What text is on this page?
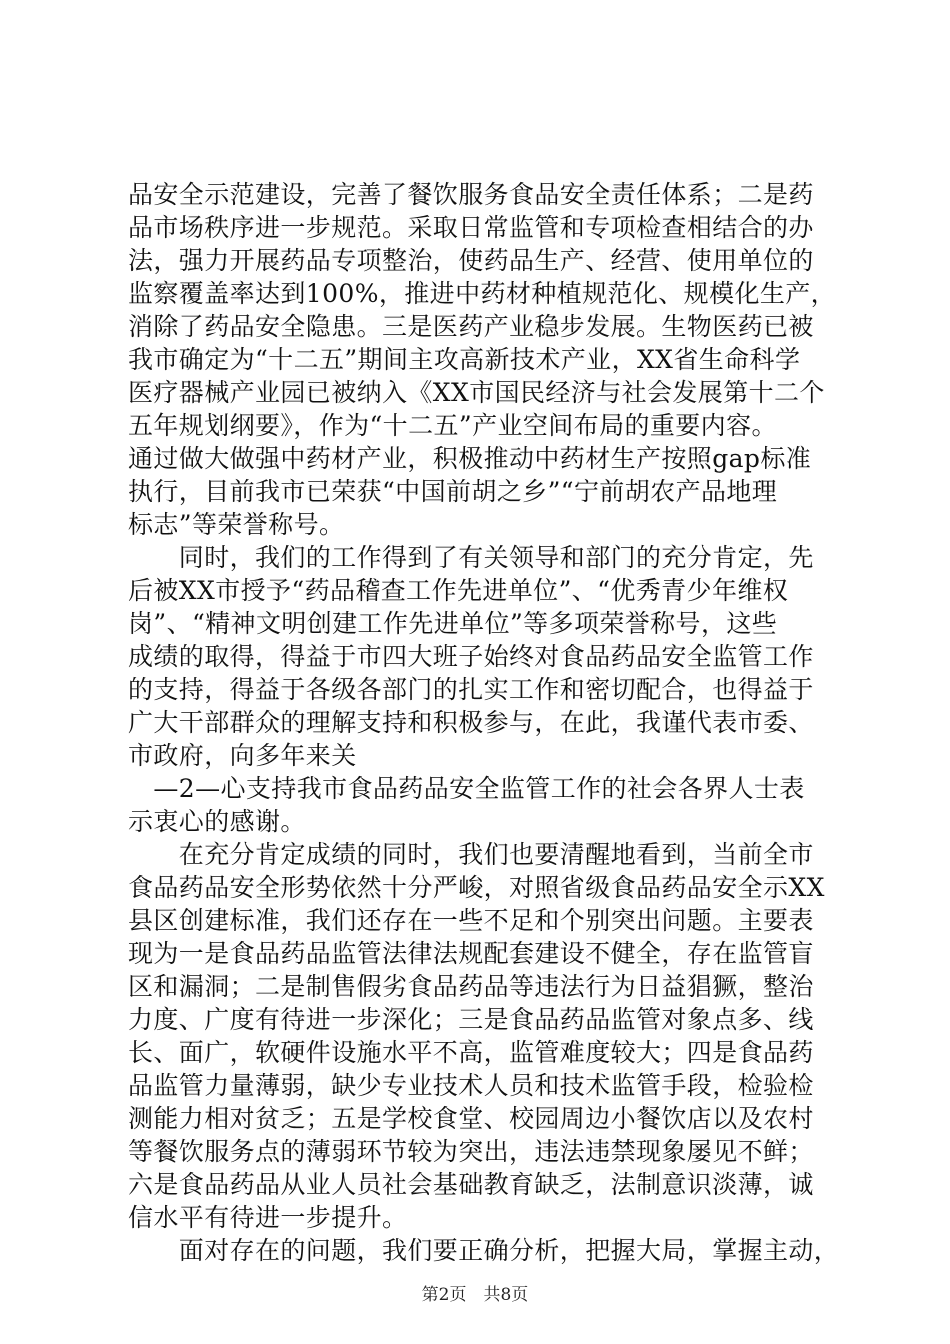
品安全示范建设，完善了餐饮服务食品安全责任体系；二是药
品市场秩序进一步规范。采取日常监管和专项检查相结合的办
法，强力开展药品专项整治，使药品生产、经营、使用单位的
监察覆盖率达到100%，推进中药材种植规范化、规模化生产，
消除了药品安全隐患。三是医药产业稳步发展。生物医药已被
我市确定为“十二五”期间主攻高新技术产业，XX省生命科学
医疗器械产业园已被纳入《XX市国民经济与社会发展第十二个
五年规划纲要》，作为“十二五”产业空间布局的重要内容。
通过做大做强中药材产业，积极推动中药材生产按照gap标准
执行，目前我市已荣获“中国前胡之乡”“宁前胡农产品地理
标志”等荣誉称号。
　　同时，我们的工作得到了有关领导和部门的充分肯定，先
后被XX市授予“药品稽查工作先进单位”、“优秀青少年维权
岗”、“精神文明创建工作先进单位”等多项荣誉称号，这些
成绩的取得，得益于市四大班子始终对食品药品安全监管工作
的支持，得益于各级各部门的扎实工作和密切配合，也得益于
广大干部群众的理解支持和积极参与，在此，我谨代表市委、
市政府，向多年来关
　—2—心支持我市食品药品安全监管工作的社会各界人士表
示衷心的感谢。
　　在充分肯定成绩的同时，我们也要清醒地看到，当前全市
食品药品安全形势依然十分严峻，对照省级食品药品安全示XX
县区创建标准，我们还存在一些不足和个别突出问题。主要表
现为一是食品药品监管法律法规配套建设不健全，存在监管盲
区和漏洞；二是制售假劣食品药品等违法行为日益猖獗，整治
力度、广度有待进一步深化；三是食品药品监管对象点多、线
长、面广，软硬件设施水平不高，监管难度较大；四是食品药
品监管力量薄弱，缺少专业技术人员和技术监管手段，检验检
测能力相对贫乏；五是学校食堂、校园周边小餐饮店以及农村
等餐饮服务点的薄弱环节较为突出，违法违禁现象屡见不鲜；
六是食品药品从业人员社会基础教育缺乏，法制意识淡薄，诚
信水平有待进一步提升。
　　面对存在的问题，我们要正确分析，把握大局，掌握主动，
第2页　共8页
